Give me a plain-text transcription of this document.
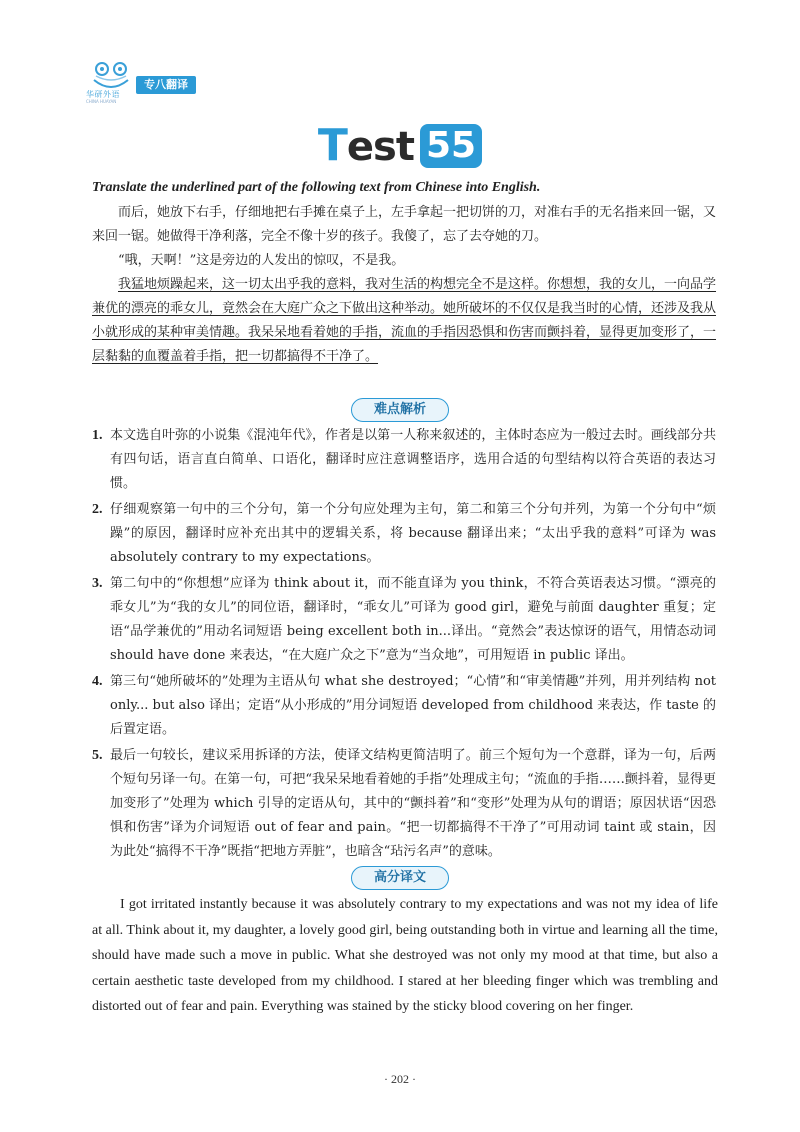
华研外语
CHINA HUAYAN
专八翻译
Test 55
Translate the underlined part of the following text from Chinese into English.

而后，她放下右手，仔细地把右手摊在桌子上，左手拿起一把切饼的刀，对准右手的无名指来回一锯，又来回一锯。她做得干净利落，完全不像十岁的孩子。我傻了，忘了去夺她的刀。

“哦，天啊！”这是旁边的人发出的惊叹，不是我。

我猛地烦躁起来，这一切太出乎我的意料，我对生活的构想完全不是这样。你想想，我的女儿，一向品学兼优的漂亮的乖女儿，竟然会在大庭广众之下做出这种举动。她所破坏的不仅仅是我当时的心情，还涉及我从小就形成的某种审美情趣。我呆呆地看着她的手指，流血的手指因恐惧和伤害而颤抖着，显得更加变形了，一层黏黏的血覆盖着手指，把一切都搞得不干净了。

难点解析
1. 本文选自叶弥的小说集《混沌年代》，作者是以第一人称来叙述的，主体时态应为一般过去时。画线部分共有四句话，语言直白简单、口语化，翻译时应注意调整语序，选用合适的句型结构以符合英语的表达习惯。
2. 仔细观察第一句中的三个分句，第一个分句应处理为主句，第二和第三个分句并列，为第一个分句中“烦躁”的原因，翻译时应补充出其中的逻辑关系，将 because 翻译出来；“太出乎我的意料”可译为 was absolutely contrary to my expectations。
3. 第二句中的“你想想”应译为 think about it，而不能直译为 you think，不符合英语表达习惯。“漂亮的乖女儿”为“我的女儿”的同位语，翻译时，“乖女儿”可译为 good girl，避免与前面 daughter 重复；定语“品学兼优的”用动名词短语 being excellent both in...译出。“竟然会”表达惊讶的语气，用情态动词 should have done 来表达，“在大庭广众之下”意为“当众地”，可用短语 in public 译出。
4. 第三句“她所破坏的”处理为主语从句 what she destroyed；“心情”和“审美情趣”并列，用并列结构 not only... but also 译出；定语“从小形成的”用分词短语 developed from childhood 来表达，作 taste 的后置定语。
5. 最后一句较长，建议采用拆译的方法，使译文结构更简洁明了。前三个短句为一个意群，译为一句，后两个短句另译一句。在第一句，可把“我呆呆地看着她的手指”处理成主句；“流血的手指……颤抖着，显得更加变形了”处理为 which 引导的定语从句，其中的“颤抖着”和“变形”处理为从句的谓语；原因状语“因恐惧和伤害”译为介词短语 out of fear and pain。“把一切都搞得不干净了”可用动词 taint 或 stain，因为此处“搞得不干净”既指“把地方弄脏”，也暗含“玷污名声”的意味。
高分译文

I got irritated instantly because it was absolutely contrary to my expectations and was not my idea of life at all. Think about it, my daughter, a lovely good girl, being outstanding both in virtue and learning all the time, should have made such a move in public. What she destroyed was not only my mood at that time, but also a certain aesthetic taste developed from my childhood. I stared at her bleeding finger which was trembling and distorted out of fear and pain. Everything was stained by the sticky blood covering on her finger.

· 202 ·
